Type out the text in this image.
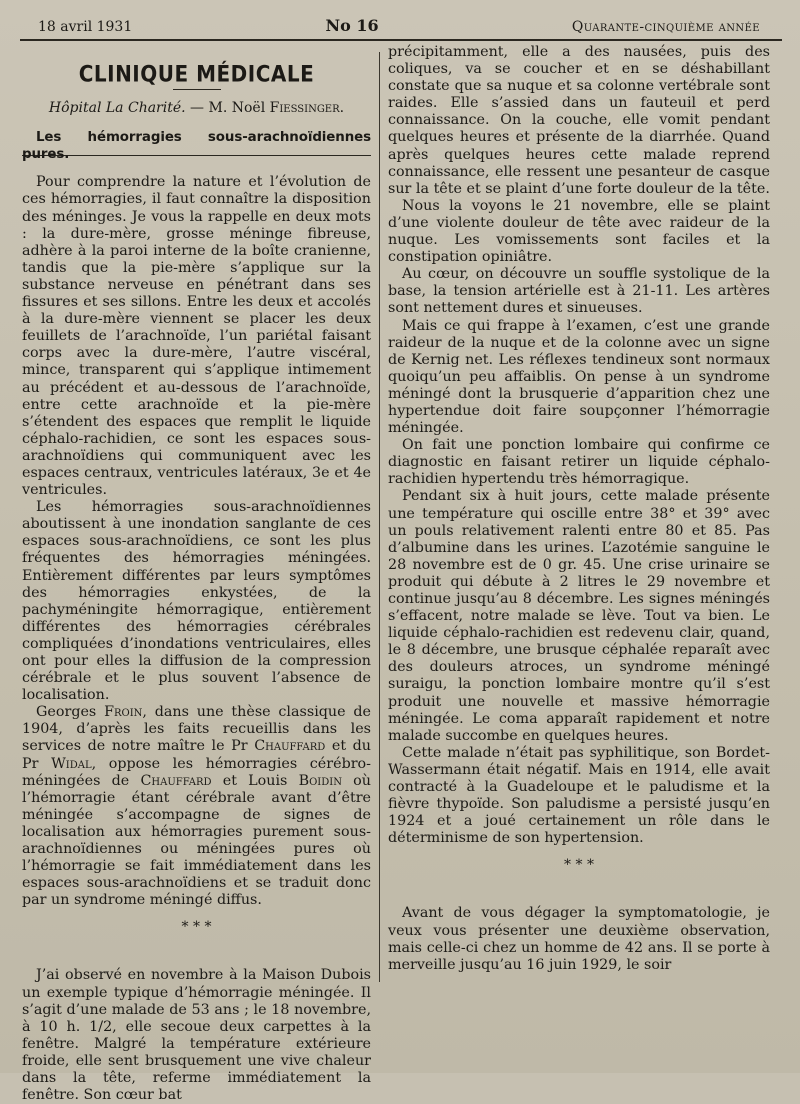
18 avril 1931	No 16	Quarante-cinquième année
CLINIQUE MÉDICALE
Hôpital La Charité. — M. Noël Fiessinger.

Les hémorragies sous-arachnoïdiennes pures.

Pour comprendre la nature et l’évolution de ces hémorragies, il faut connaître la disposition des méninges. Je vous la rappelle en deux mots : la dure-mère, grosse méninge fibreuse, adhère à la paroi interne de la boîte cranienne, tandis que la pie-mère s’applique sur la substance nerveuse en pénétrant dans ses fissures et ses sillons. Entre les deux et accolés à la dure-mère viennent se placer les deux feuillets de l’arachnoïde, l’un pariétal faisant corps avec la dure-mère, l’autre viscéral, mince, transparent qui s’applique intimement au précédent et au-dessous de l’arachnoïde, entre cette arachnoïde et la pie-mère s’étendent des espaces que remplit le liquide céphalo-rachidien, ce sont les espaces sous-arachnoïdiens qui communiquent avec les espaces centraux, ventricules latéraux, 3e et 4e ventricules.

Les hémorragies sous-arachnoïdiennes aboutissent à une inondation sanglante de ces espaces sous-arachnoïdiens, ce sont les plus fréquentes des hémorragies méningées. Entièrement différentes par leurs symptômes des hémorragies enkystées, de la pachyméningite hémorragique, entièrement différentes des hémorragies cérébrales compliquées d’inondations ventriculaires, elles ont pour elles la diffusion de la compression cérébrale et le plus souvent l’absence de localisation.

Georges Froin, dans une thèse classique de 1904, d’après les faits recueillis dans les services de notre maître le Pr Chauffard et du Pr Widal, oppose les hémorragies cérébro-méningées de Chauffard et Louis Boidin où l’hémorragie étant cérébrale avant d’être méningée s’accompagne de signes de localisation aux hémorragies purement sous-arachnoïdiennes ou méningées pures où l’hémorragie se fait immédiatement dans les espaces sous-arachnoïdiens et se traduit donc par un syndrome méningé diffus.

* * *

J’ai observé en novembre à la Maison Dubois un exemple typique d’hémorragie méningée. Il s’agit d’une malade de 53 ans ; le 18 novembre, à 10 h. 1/2, elle secoue deux carpettes à la fenêtre. Malgré la température extérieure froide, elle sent brusquement une vive chaleur dans la tête, referme immédiatement la fenêtre. Son cœur bat

précipitamment, elle a des nausées, puis des coliques, va se coucher et en se déshabillant constate que sa nuque et sa colonne vertébrale sont raides. Elle s’assied dans un fauteuil et perd connaissance. On la couche, elle vomit pendant quelques heures et présente de la diarrhée. Quand après quelques heures cette malade reprend connaissance, elle ressent une pesanteur de casque sur la tête et se plaint d’une forte douleur de la tête.

Nous la voyons le 21 novembre, elle se plaint d’une violente douleur de tête avec raideur de la nuque. Les vomissements sont faciles et la constipation opiniâtre.

Au cœur, on découvre un souffle systolique de la base, la tension artérielle est à 21-11. Les artères sont nettement dures et sinueuses.

Mais ce qui frappe à l’examen, c’est une grande raideur de la nuque et de la colonne avec un signe de Kernig net. Les réflexes tendineux sont normaux quoiqu’un peu affaiblis. On pense à un syndrome méningé dont la brusquerie d’apparition chez une hypertendue doit faire soupçonner l’hémorragie méningée.

On fait une ponction lombaire qui confirme ce diagnostic en faisant retirer un liquide céphalo-rachidien hypertendu très hémorragique.

Pendant six à huit jours, cette malade présente une température qui oscille entre 38° et 39° avec un pouls relativement ralenti entre 80 et 85. Pas d’albumine dans les urines. L’azotémie sanguine le 28 novembre est de 0 gr. 45. Une crise urinaire se produit qui débute à 2 litres le 29 novembre et continue jusqu’au 8 décembre. Les signes méningés s’effacent, notre malade se lève. Tout va bien. Le liquide céphalo-rachidien est redevenu clair, quand, le 8 décembre, une brusque céphalée reparaît avec des douleurs atroces, un syndrome méningé suraigu, la ponction lombaire montre qu’il s’est produit une nouvelle et massive hémorragie méningée. Le coma apparaît rapidement et notre malade succombe en quelques heures.

Cette malade n’était pas syphilitique, son Bordet-Wassermann était négatif. Mais en 1914, elle avait contracté à la Guadeloupe et le paludisme et la fièvre thypoïde. Son paludisme a persisté jusqu’en 1924 et a joué certainement un rôle dans le déterminisme de son hypertension.

* * *

Avant de vous dégager la symptomatologie, je veux vous présenter une deuxième observation, mais celle-ci chez un homme de 42 ans. Il se porte à merveille jusqu’au 16 juin 1929, le soir
